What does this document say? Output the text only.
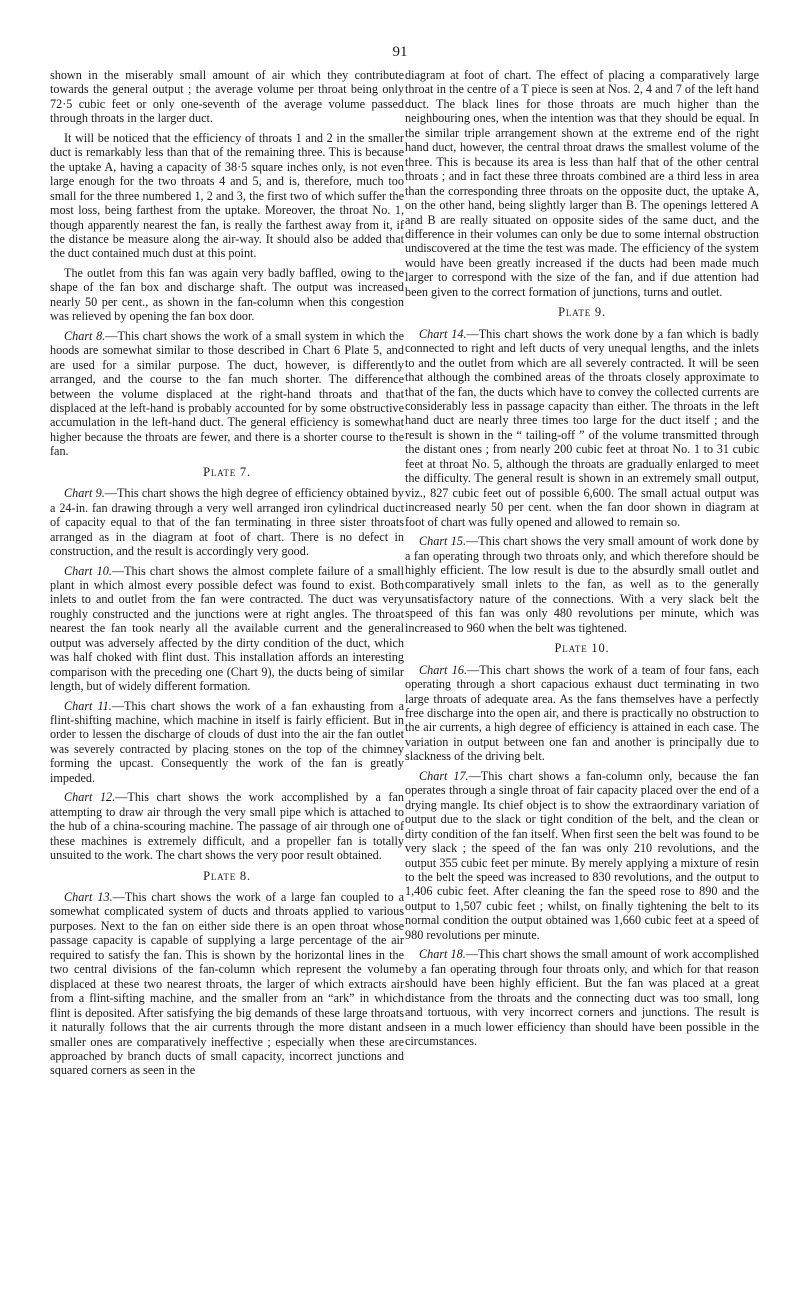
91

shown in the miserably small amount of air which they contribute towards the general output ; the average volume per throat being only 72·5 cubic feet or only one-seventh of the average volume passed through throats in the larger duct.

It will be noticed that the efficiency of throats 1 and 2 in the smaller duct is remarkably less than that of the remaining three. This is because the uptake A, having a capacity of 38·5 square inches only, is not even large enough for the two throats 4 and 5, and is, therefore, much too small for the three numbered 1, 2 and 3, the first two of which suffer the most loss, being farthest from the uptake. Moreover, the throat No. 1, though apparently nearest the fan, is really the farthest away from it, if the distance be measure along the air-way. It should also be added that the duct contained much dust at this point.

The outlet from this fan was again very badly baffled, owing to the shape of the fan box and discharge shaft. The output was increased nearly 50 per cent., as shown in the fan-column when this congestion was relieved by opening the fan box door.

Chart 8.—This chart shows the work of a small system in which the hoods are somewhat similar to those described in Chart 6 Plate 5, and are used for a similar purpose. The duct, however, is differently arranged, and the course to the fan much shorter. The difference between the volume displaced at the right-hand throats and that displaced at the left-hand is probably accounted for by some obstructive accumulation in the left-hand duct. The general efficiency is somewhat higher because the throats are fewer, and there is a shorter course to the fan.

Plate 7.

Chart 9.—This chart shows the high degree of efficiency obtained by a 24-in. fan drawing through a very well arranged iron cylindrical duct of capacity equal to that of the fan terminating in three sister throats arranged as in the diagram at foot of chart. There is no defect in construction, and the result is accordingly very good.

Chart 10.—This chart shows the almost complete failure of a small plant in which almost every possible defect was found to exist. Both inlets to and outlet from the fan were contracted. The duct was very roughly constructed and the junctions were at right angles. The throat nearest the fan took nearly all the available current and the general output was adversely affected by the dirty condition of the duct, which was half choked with flint dust. This installation affords an interesting comparison with the preceding one (Chart 9), the ducts being of similar length, but of widely different formation.

Chart 11.—This chart shows the work of a fan exhausting from a flint-shifting machine, which machine in itself is fairly efficient. But in order to lessen the discharge of clouds of dust into the air the fan outlet was severely contracted by placing stones on the top of the chimney forming the upcast. Consequently the work of the fan is greatly impeded.

Chart 12.—This chart shows the work accomplished by a fan attempting to draw air through the very small pipe which is attached to the hub of a china-scouring machine. The passage of air through one of these machines is extremely difficult, and a propeller fan is totally unsuited to the work. The chart shows the very poor result obtained.

Plate 8.

Chart 13.—This chart shows the work of a large fan coupled to a somewhat complicated system of ducts and throats applied to various purposes. Next to the fan on either side there is an open throat whose passage capacity is capable of supplying a large percentage of the air required to satisfy the fan. This is shown by the horizontal lines in the two central divisions of the fan-column which represent the volume displaced at these two nearest throats, the larger of which extracts air from a flint-sifting machine, and the smaller from an “ark” in which flint is deposited. After satisfying the big demands of these large throats it naturally follows that the air currents through the more distant and smaller ones are comparatively ineffective ; especially when these are approached by branch ducts of small capacity, incorrect junctions and squared corners as seen in the

diagram at foot of chart. The effect of placing a comparatively large throat in the centre of a T piece is seen at Nos. 2, 4 and 7 of the left hand duct. The black lines for those throats are much higher than the neighbouring ones, when the intention was that they should be equal. In the similar triple arrangement shown at the extreme end of the right hand duct, however, the central throat draws the smallest volume of the three. This is because its area is less than half that of the other central throats ; and in fact these three throats combined are a third less in area than the corresponding three throats on the opposite duct, the uptake A, on the other hand, being slightly larger than B. The openings lettered A and B are really situated on opposite sides of the same duct, and the difference in their volumes can only be due to some internal obstruction undiscovered at the time the test was made. The efficiency of the system would have been greatly increased if the ducts had been made much larger to correspond with the size of the fan, and if due attention had been given to the correct formation of junctions, turns and outlet.

Plate 9.

Chart 14.—This chart shows the work done by a fan which is badly connected to right and left ducts of very unequal lengths, and the inlets to and the outlet from which are all severely contracted. It will be seen that although the combined areas of the throats closely approximate to that of the fan, the ducts which have to convey the collected currents are considerably less in passage capacity than either. The throats in the left hand duct are nearly three times too large for the duct itself ; and the result is shown in the “ tailing-off ” of the volume transmitted through the distant ones ; from nearly 200 cubic feet at throat No. 1 to 31 cubic feet at throat No. 5, although the throats are gradually enlarged to meet the difficulty. The general result is shown in an extremely small output, viz., 827 cubic feet out of possible 6,600. The small actual output was increased nearly 50 per cent. when the fan door shown in diagram at foot of chart was fully opened and allowed to remain so.

Chart 15.—This chart shows the very small amount of work done by a fan operating through two throats only, and which therefore should be highly efficient. The low result is due to the absurdly small outlet and comparatively small inlets to the fan, as well as to the generally unsatisfactory nature of the connections. With a very slack belt the speed of this fan was only 480 revolutions per minute, which was increased to 960 when the belt was tightened.

Plate 10.

Chart 16.—This chart shows the work of a team of four fans, each operating through a short capacious exhaust duct terminating in two large throats of adequate area. As the fans themselves have a perfectly free discharge into the open air, and there is practically no obstruction to the air currents, a high degree of efficiency is attained in each case. The variation in output between one fan and another is principally due to slackness of the driving belt.

Chart 17.—This chart shows a fan-column only, because the fan operates through a single throat of fair capacity placed over the end of a drying mangle. Its chief object is to show the extraordinary variation of output due to the slack or tight condition of the belt, and the clean or dirty condition of the fan itself. When first seen the belt was found to be very slack ; the speed of the fan was only 210 revolutions, and the output 355 cubic feet per minute. By merely applying a mixture of resin to the belt the speed was increased to 830 revolutions, and the output to 1,406 cubic feet. After cleaning the fan the speed rose to 890 and the output to 1,507 cubic feet ; whilst, on finally tightening the belt to its normal condition the output obtained was 1,660 cubic feet at a speed of 980 revolutions per minute.

Chart 18.—This chart shows the small amount of work accomplished by a fan operating through four throats only, and which for that reason should have been highly efficient. But the fan was placed at a great distance from the throats and the connecting duct was too small, long and tortuous, with very incorrect corners and junctions. The result is seen in a much lower efficiency than should have been possible in the circumstances.
